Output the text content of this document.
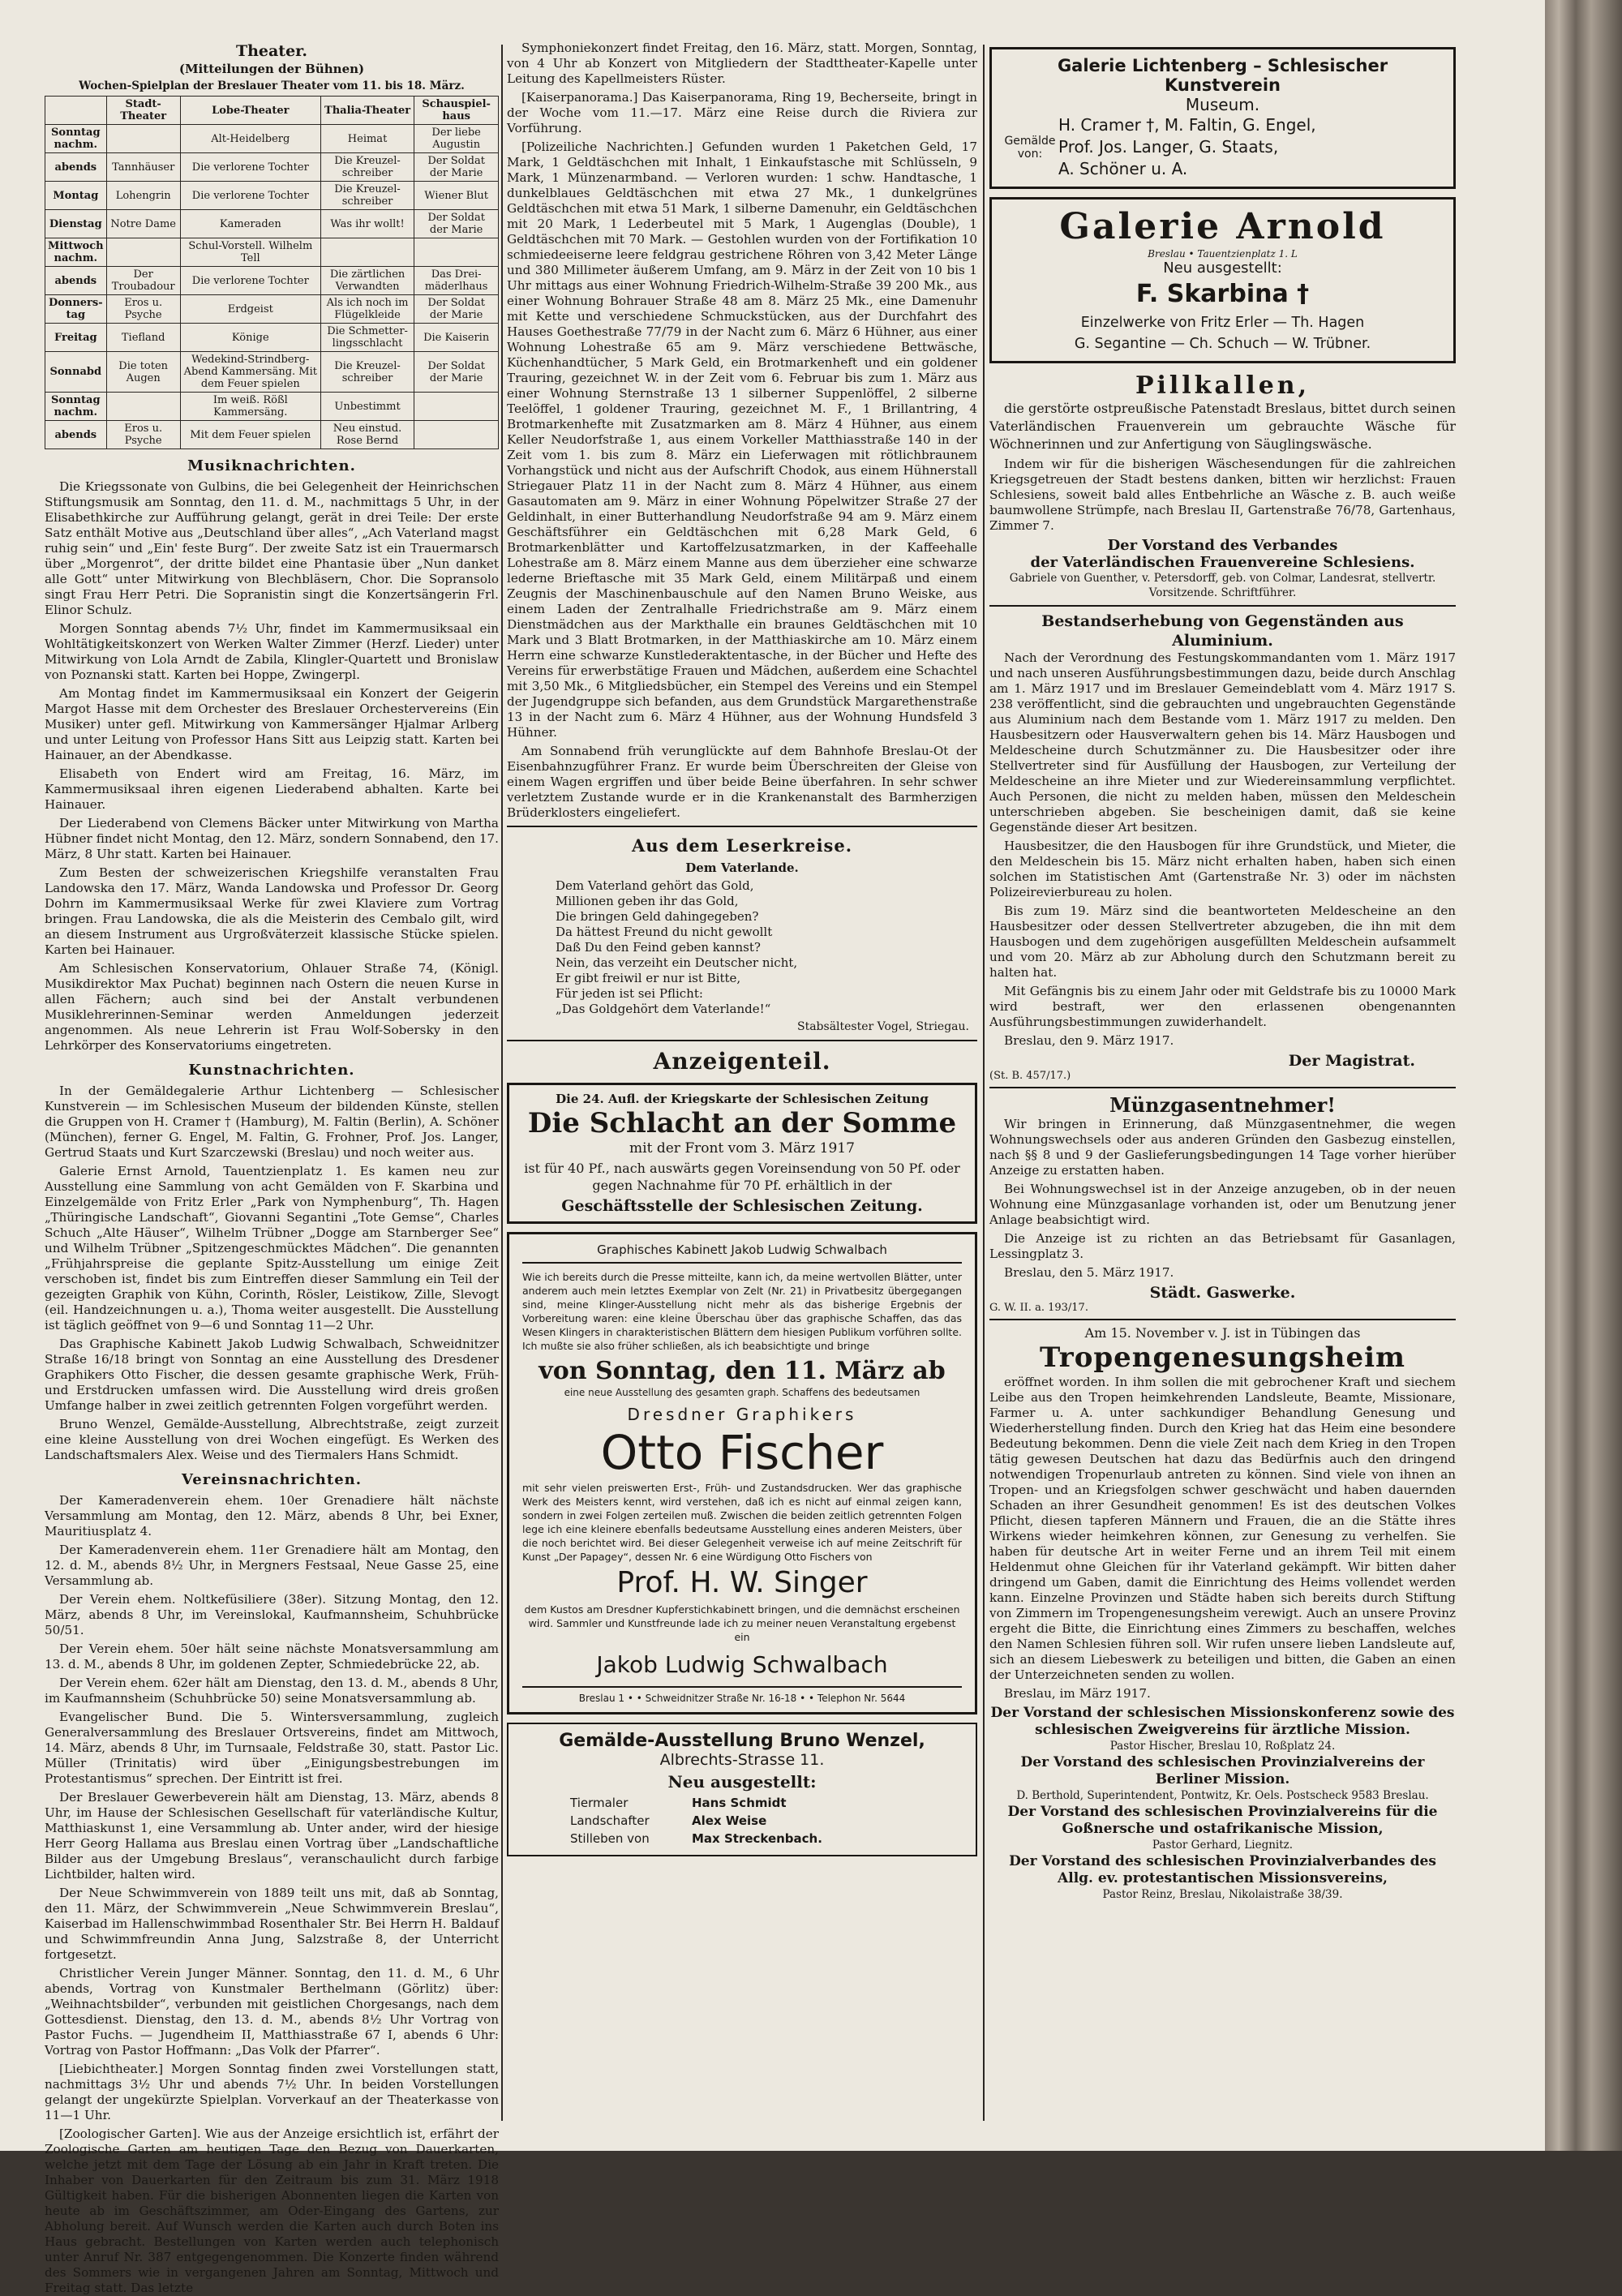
Theater.
(Mitteilungen der Bühnen)
Wochen-Spielplan der Breslauer Theater vom 11. bis 18. März.
	Stadt-Theater	Lobe-Theater	Thalia-Theater	Schauspiel-haus
Sonntag nachm.		Alt-Heidelberg	Heimat	Der liebe Augustin
abends	Tannhäuser	Die verlorene Tochter	Die Kreuzel-schreiber	Der Soldat der Marie
Montag	Lohengrin	Die verlorene Tochter	Die Kreuzel-schreiber	Wiener Blut
Dienstag	Notre Dame	Kameraden	Was ihr wollt!	Der Soldat der Marie
Mittwoch nachm.		Schul-Vorstell. Wilhelm Tell		
abends	Der Troubadour	Die verlorene Tochter	Die zärtlichen Verwandten	Das Drei-mäderlhaus
Donners-tag	Eros u. Psyche	Erdgeist	Als ich noch im Flügelkleide	Der Soldat der Marie
Freitag	Tiefland	Könige	Die Schmetter-lingsschlacht	Die Kaiserin
Sonnabd	Die toten Augen	Wedekind-Strindberg-Abend Kammersäng. Mit dem Feuer spielen	Die Kreuzel-schreiber	Der Soldat der Marie
Sonntag nachm.		Im weiß. Rößl Kammersäng.	Unbestimmt	
abends	Eros u. Psyche	Mit dem Feuer spielen	Neu einstud. Rose Bernd	
Musiknachrichten.

Die Kriegssonate von Gulbins, die bei Gelegenheit der Heinrichschen Stiftungsmusik am Sonntag, den 11. d. M., nachmittags 5 Uhr, in der Elisabethkirche zur Aufführung gelangt, gerät in drei Teile: Der erste Satz enthält Motive aus „Deutschland über alles“, „Ach Vaterland magst ruhig sein“ und „Ein' feste Burg“. Der zweite Satz ist ein Trauermarsch über „Morgenrot“, der dritte bildet eine Phantasie über „Nun danket alle Gott“ unter Mitwirkung von Blechbläsern, Chor. Die Sopransolo singt Frau Herr Petri. Die Sopranistin singt die Konzertsängerin Frl. Elinor Schulz.

Morgen Sonntag abends 7½ Uhr, findet im Kammermusiksaal ein Wohltätigkeitskonzert von Werken Walter Zimmer (Herzf. Lieder) unter Mitwirkung von Lola Arndt de Zabila, Klingler-Quartett und Bronislaw von Poznanski statt. Karten bei Hoppe, Zwingerpl.

Am Montag findet im Kammermusiksaal ein Konzert der Geigerin Margot Hasse mit dem Orchester des Breslauer Orchestervereins (Ein Musiker) unter gefl. Mitwirkung von Kammersänger Hjalmar Arlberg und unter Leitung von Professor Hans Sitt aus Leipzig statt. Karten bei Hainauer, an der Abendkasse.

Elisabeth von Endert wird am Freitag, 16. März, im Kammermusiksaal ihren eigenen Liederabend abhalten. Karte bei Hainauer.

Der Liederabend von Clemens Bäcker unter Mitwirkung von Martha Hübner findet nicht Montag, den 12. März, sondern Sonnabend, den 17. März, 8 Uhr statt. Karten bei Hainauer.

Zum Besten der schweizerischen Kriegshilfe veranstalten Frau Landowska den 17. März, Wanda Landowska und Professor Dr. Georg Dohrn im Kammermusiksaal Werke für zwei Klaviere zum Vortrag bringen. Frau Landowska, die als die Meisterin des Cembalo gilt, wird an diesem Instrument aus Urgroßväterzeit klassische Stücke spielen. Karten bei Hainauer.

Am Schlesischen Konservatorium, Ohlauer Straße 74, (Königl. Musikdirektor Max Puchat) beginnen nach Ostern die neuen Kurse in allen Fächern; auch sind bei der Anstalt verbundenen Musiklehrerinnen-Seminar werden Anmeldungen jederzeit angenommen. Als neue Lehrerin ist Frau Wolf-Sobersky in den Lehrkörper des Konservatoriums eingetreten.

Kunstnachrichten.

In der Gemäldegalerie Arthur Lichtenberg — Schlesischer Kunstverein — im Schlesischen Museum der bildenden Künste, stellen die Gruppen von H. Cramer † (Hamburg), M. Faltin (Berlin), A. Schöner (München), ferner G. Engel, M. Faltin, G. Frohner, Prof. Jos. Langer, Gertrud Staats und Kurt Szarczewski (Breslau) und noch weiter aus.

Galerie Ernst Arnold, Tauentzienplatz 1. Es kamen neu zur Ausstellung eine Sammlung von acht Gemälden von F. Skarbina und Einzelgemälde von Fritz Erler „Park von Nymphenburg“, Th. Hagen „Thüringische Landschaft“, Giovanni Segantini „Tote Gemse“, Charles Schuch „Alte Häuser“, Wilhelm Trübner „Dogge am Starnberger See“ und Wilhelm Trübner „Spitzengeschmücktes Mädchen“. Die genannten „Frühjahrspreise die geplante Spitz-Ausstellung um einige Zeit verschoben ist, findet bis zum Eintreffen dieser Sammlung ein Teil der gezeigten Graphik von Kühn, Corinth, Rösler, Leistikow, Zille, Slevogt (eil. Handzeichnungen u. a.), Thoma weiter ausgestellt. Die Ausstellung ist täglich geöffnet von 9—6 und Sonntag 11—2 Uhr.

Das Graphische Kabinett Jakob Ludwig Schwalbach, Schweidnitzer Straße 16/18 bringt von Sonntag an eine Ausstellung des Dresdener Graphikers Otto Fischer, die dessen gesamte graphische Werk, Früh- und Erstdrucken umfassen wird. Die Ausstellung wird dreis großen Umfange halber in zwei zeitlich getrennten Folgen vorgeführt werden.

Bruno Wenzel, Gemälde-Ausstellung, Albrechtstraße, zeigt zurzeit eine kleine Ausstellung von drei Wochen eingefügt. Es Werken des Landschaftsmalers Alex. Weise und des Tiermalers Hans Schmidt.

Vereinsnachrichten.

Der Kameradenverein ehem. 10er Grenadiere hält nächste Versammlung am Montag, den 12. März, abends 8 Uhr, bei Exner, Mauritiusplatz 4.

Der Kameradenverein ehem. 11er Grenadiere hält am Montag, den 12. d. M., abends 8½ Uhr, in Mergners Festsaal, Neue Gasse 25, eine Versammlung ab.

Der Verein ehem. Noltkefüsiliere (38er). Sitzung Montag, den 12. März, abends 8 Uhr, im Vereinslokal, Kaufmannsheim, Schuhbrücke 50/51.

Der Verein ehem. 50er hält seine nächste Monatsversammlung am 13. d. M., abends 8 Uhr, im goldenen Zepter, Schmiedebrücke 22, ab.

Der Verein ehem. 62er hält am Dienstag, den 13. d. M., abends 8 Uhr, im Kaufmannsheim (Schuhbrücke 50) seine Monatsversammlung ab.

Evangelischer Bund. Die 5. Wintersversammlung, zugleich Generalversammlung des Breslauer Ortsvereins, findet am Mittwoch, 14. März, abends 8 Uhr, im Turnsaale, Feldstraße 30, statt. Pastor Lic. Müller (Trinitatis) wird über „Einigungsbestrebungen im Protestantismus“ sprechen. Der Eintritt ist frei.

Der Breslauer Gewerbeverein hält am Dienstag, 13. März, abends 8 Uhr, im Hause der Schlesischen Gesellschaft für vaterländische Kultur, Matthiaskunst 1, eine Versammlung ab. Unter ander, wird der hiesige Herr Georg Hallama aus Breslau einen Vortrag über „Landschaftliche Bilder aus der Umgebung Breslaus“, veranschaulicht durch farbige Lichtbilder, halten wird.

Der Neue Schwimmverein von 1889 teilt uns mit, daß ab Sonntag, den 11. März, der Schwimmverein „Neue Schwimmverein Breslau“, Kaiserbad im Hallenschwimmbad Rosenthaler Str. Bei Herrn H. Baldauf und Schwimmfreundin Anna Jung, Salzstraße 8, der Unterricht fortgesetzt.

Christlicher Verein Junger Männer. Sonntag, den 11. d. M., 6 Uhr abends, Vortrag von Kunstmaler Berthelmann (Görlitz) über: „Weihnachtsbilder“, verbunden mit geistlichen Chorgesangs, nach dem Gottesdienst. Dienstag, den 13. d. M., abends 8½ Uhr Vortrag von Pastor Fuchs. — Jugendheim II, Matthiasstraße 67 I, abends 6 Uhr: Vortrag von Pastor Hoffmann: „Das Volk der Pfarrer“.

[Liebichtheater.] Morgen Sonntag finden zwei Vorstellungen statt, nachmittags 3½ Uhr und abends 7½ Uhr. In beiden Vorstellungen gelangt der ungekürzte Spielplan. Vorverkauf an der Theaterkasse von 11—1 Uhr.

[Zoologischer Garten]. Wie aus der Anzeige ersichtlich ist, erfährt der Zoologische Garten am heutigen Tage den Bezug von Dauerkarten, welche jetzt mit dem Tage der Lösung ab ein Jahr in Kraft treten. Die Inhaber von Dauerkarten für den Zeitraum bis zum 31. März 1918 Gültigkeit haben. Für die bisherigen Abonnenten liegen die Karten von heute ab im Geschäftszimmer, am Oder-Eingang des Gartens, zur Abholung bereit. Auf Wunsch werden die Karten auch durch Boten ins Haus gebracht. Bestellungen von Karten werden auch telephonisch unter Anruf Nr. 387 entgegengenommen. Die Konzerte finden während des Sommers wie in vergangenen Jahren am Sonntag, Mittwoch und Freitag statt. Das letzte

Symphoniekonzert findet Freitag, den 16. März, statt. Morgen, Sonntag, von 4 Uhr ab Konzert von Mitgliedern der Stadttheater-Kapelle unter Leitung des Kapellmeisters Rüster.

[Kaiserpanorama.] Das Kaiserpanorama, Ring 19, Becherseite, bringt in der Woche vom 11.—17. März eine Reise durch die Riviera zur Vorführung.

[Polizeiliche Nachrichten.] Gefunden wurden 1 Paketchen Geld, 17 Mark, 1 Geldtäschchen mit Inhalt, 1 Einkaufstasche mit Schlüsseln, 9 Mark, 1 Münzenarmband. — Verloren wurden: 1 schw. Handtasche, 1 dunkelblaues Geldtäschchen mit etwa 27 Mk., 1 dunkelgrünes Geldtäschchen mit etwa 51 Mark, 1 silberne Damenuhr, ein Geldtäschchen mit 20 Mark, 1 Lederbeutel mit 5 Mark, 1 Augenglas (Double), 1 Geldtäschchen mit 70 Mark. — Gestohlen wurden von der Fortifikation 10 schmiedeeiserne leere feldgrau gestrichene Röhren von 3,42 Meter Länge und 380 Millimeter äußerem Umfang, am 9. März in der Zeit von 10 bis 1 Uhr mittags aus einer Wohnung Friedrich-Wilhelm-Straße 39 200 Mk., aus einer Wohnung Bohrauer Straße 48 am 8. März 25 Mk., eine Damenuhr mit Kette und verschiedene Schmuckstücken, aus der Durchfahrt des Hauses Goethestraße 77/79 in der Nacht zum 6. März 6 Hühner, aus einer Wohnung Lohestraße 65 am 9. März verschiedene Bettwäsche, Küchenhandtücher, 5 Mark Geld, ein Brotmarkenheft und ein goldener Trauring, gezeichnet W. in der Zeit vom 6. Februar bis zum 1. März aus einer Wohnung Sternstraße 13 1 silberner Suppenlöffel, 2 silberne Teelöffel, 1 goldener Trauring, gezeichnet M. F., 1 Brillantring, 4 Brotmarkenhefte mit Zusatzmarken am 8. März 4 Hühner, aus einem Keller Neudorfstraße 1, aus einem Vorkeller Matthiasstraße 140 in der Zeit vom 1. bis zum 8. März ein Lieferwagen mit rötlichbraunem Vorhangstück und nicht aus der Aufschrift Chodok, aus einem Hühnerstall Striegauer Platz 11 in der Nacht zum 8. März 4 Hühner, aus einem Gasautomaten am 9. März in einer Wohnung Pöpelwitzer Straße 27 der Geldinhalt, in einer Butterhandlung Neudorfstraße 94 am 9. März einem Geschäftsführer ein Geldtäschchen mit 6,28 Mark Geld, 6 Brotmarkenblätter und Kartoffelzusatzmarken, in der Kaffeehalle Lohestraße am 8. März einem Manne aus dem überzieher eine schwarze lederne Brieftasche mit 35 Mark Geld, einem Militärpaß und einem Zeugnis der Maschinenbauschule auf den Namen Bruno Weiske, aus einem Laden der Zentralhalle Friedrichstraße am 9. März einem Dienstmädchen aus der Markthalle ein braunes Geldtäschchen mit 10 Mark und 3 Blatt Brotmarken, in der Matthiaskirche am 10. März einem Herrn eine schwarze Kunstlederaktentasche, in der Bücher und Hefte des Vereins für erwerbstätige Frauen und Mädchen, außerdem eine Schachtel mit 3,50 Mk., 6 Mitgliedsbücher, ein Stempel des Vereins und ein Stempel der Jugendgruppe sich befanden, aus dem Grundstück Margarethenstraße 13 in der Nacht zum 6. März 4 Hühner, aus der Wohnung Hundsfeld 3 Hühner.

Am Sonnabend früh verunglückte auf dem Bahnhofe Breslau-Ot der Eisenbahnzugführer Franz. Er wurde beim Überschreiten der Gleise von einem Wagen ergriffen und über beide Beine überfahren. In sehr schwer verletztem Zustande wurde er in die Krankenanstalt des Barmherzigen Brüderklosters eingeliefert.

Aus dem Leserkreise.
Dem Vaterlande.
Dem Vaterland gehört das Gold,
Millionen geben ihr das Gold,
Die bringen Geld dahingegeben?
Da hättest Freund du nicht gewollt
Daß Du den Feind geben kannst?
Nein, das verzeiht ein Deutscher nicht,
Er gibt freiwil er nur ist Bitte,
Für jeden ist sei Pflicht:
„Das Goldgehört dem Vaterlande!“
Stabsältester Vogel, Striegau.
Anzeigenteil.
Die 24. Aufl. der Kriegskarte der Schlesischen Zeitung
Die Schlacht an der Somme
mit der Front vom 3. März 1917
ist für 40 Pf., nach auswärts gegen Voreinsendung von 50 Pf. oder gegen Nachnahme für 70 Pf. erhältlich in der
Geschäftsstelle der Schlesischen Zeitung.
Graphisches Kabinett Jakob Ludwig Schwalbach
Wie ich bereits durch die Presse mitteilte, kann ich, da meine wertvollen Blätter, unter anderem auch mein letztes Exemplar von Zelt (Nr. 21) in Privatbesitz übergegangen sind, meine Klinger-Ausstellung nicht mehr als das bisherige Ergebnis der Vorbereitung waren: eine kleine Überschau über das graphische Schaffen, das das Wesen Klingers in charakteristischen Blättern dem hiesigen Publikum vorführen sollte. Ich mußte sie also früher schließen, als ich beabsichtigte und bringe
von Sonntag, den 11. März ab
eine neue Ausstellung des gesamten graph. Schaffens des bedeutsamen
Dresdner Graphikers
Otto Fischer
mit sehr vielen preiswerten Erst-, Früh- und Zustandsdrucken. Wer das graphische Werk des Meisters kennt, wird verstehen, daß ich es nicht auf einmal zeigen kann, sondern in zwei Folgen zerteilen muß. Zwischen die beiden zeitlich getrennten Folgen lege ich eine kleinere ebenfalls bedeutsame Ausstellung eines anderen Meisters, über die noch berichtet wird. Bei dieser Gelegenheit verweise ich auf meine Zeitschrift für Kunst „Der Papagey“, dessen Nr. 6 eine Würdigung Otto Fischers von
Prof. H. W. Singer
dem Kustos am Dresdner Kupferstichkabinett bringen, und die demnächst erscheinen wird. Sammler und Kunstfreunde lade ich zu meiner neuen Veranstaltung ergebenst ein
Jakob Ludwig Schwalbach
Breslau 1 • • Schweidnitzer Straße Nr. 16-18 • • Telephon Nr. 5644
Gemälde-Ausstellung Bruno Wenzel,
Albrechts-Strasse 11.
Neu ausgestellt:
Tiermaler	Hans Schmidt
Landschafter	Alex Weise
Stilleben von	Max Streckenbach.
Galerie Lichtenberg – Schlesischer Kunstverein
Museum.
Gemälde von:
H. Cramer †, M. Faltin, G. Engel,
Prof. Jos. Langer, G. Staats,
A. Schöner u. A.
Galerie Arnold
Breslau • Tauentzienplatz 1. L
Neu ausgestellt:
F. Skarbina †
Einzelwerke von Fritz Erler — Th. Hagen
G. Segantine — Ch. Schuch — W. Trübner.
Pillkallen,

die gerstörte ostpreußische Patenstadt Breslaus, bittet durch seinen Vaterländischen Frauenverein um gebrauchte Wäsche für Wöchnerinnen und zur Anfertigung von Säuglingswäsche.

Indem wir für die bisherigen Wäschesendungen für die zahlreichen Kriegsgetreuen der Stadt bestens danken, bitten wir herzlichst: Frauen Schlesiens, soweit bald alles Entbehrliche an Wäsche z. B. auch weiße baumwollene Strümpfe, nach Breslau II, Gartenstraße 76/78, Gartenhaus, Zimmer 7.

Der Vorstand des Verbandes
der Vaterländischen Frauenvereine Schlesiens.
Gabriele von Guenther, v. Petersdorff, geb. von Colmar, Landesrat, stellvertr. Vorsitzende. Schriftführer.
Bestandserhebung von Gegenständen aus Aluminium.

Nach der Verordnung des Festungskommandanten vom 1. März 1917 und nach unseren Ausführungsbestimmungen dazu, beide durch Anschlag am 1. März 1917 und im Breslauer Gemeindeblatt vom 4. März 1917 S. 238 veröffentlicht, sind die gebrauchten und ungebrauchten Gegenstände aus Aluminium nach dem Bestande vom 1. März 1917 zu melden. Den Hausbesitzern oder Hausverwaltern gehen bis 14. März Hausbogen und Meldescheine durch Schutzmänner zu. Die Hausbesitzer oder ihre Stellvertreter sind für Ausfüllung der Hausbogen, zur Verteilung der Meldescheine an ihre Mieter und zur Wiedereinsammlung verpflichtet. Auch Personen, die nicht zu melden haben, müssen den Meldeschein unterschrieben abgeben. Sie bescheinigen damit, daß sie keine Gegenstände dieser Art besitzen.

Hausbesitzer, die den Hausbogen für ihre Grundstück, und Mieter, die den Meldeschein bis 15. März nicht erhalten haben, haben sich einen solchen im Statistischen Amt (Gartenstraße Nr. 3) oder im nächsten Polizeirevierbureau zu holen.

Bis zum 19. März sind die beantworteten Meldescheine an den Hausbesitzer oder dessen Stellvertreter abzugeben, die ihn mit dem Hausbogen und dem zugehörigen ausgefüllten Meldeschein aufsammelt und vom 20. März ab zur Abholung durch den Schutzmann bereit zu halten hat.

Mit Gefängnis bis zu einem Jahr oder mit Geldstrafe bis zu 10000 Mark wird bestraft, wer den erlassenen obengenannten Ausführungsbestimmungen zuwiderhandelt.

Breslau, den 9. März 1917.

Der Magistrat.
(St. B. 457/17.)
Münzgasentnehmer!

Wir bringen in Erinnerung, daß Münzgasentnehmer, die wegen Wohnungswechsels oder aus anderen Gründen den Gasbezug einstellen, nach §§ 8 und 9 der Gaslieferungsbedingungen 14 Tage vorher hierüber Anzeige zu erstatten haben.

Bei Wohnungswechsel ist in der Anzeige anzugeben, ob in der neuen Wohnung eine Münzgasanlage vorhanden ist, oder um Benutzung jener Anlage beabsichtigt wird.

Die Anzeige ist zu richten an das Betriebsamt für Gasanlagen, Lessingplatz 3.

Breslau, den 5. März 1917.

Städt. Gaswerke.
G. W. II. a. 193/17.
Am 15. November v. J. ist in Tübingen das
Tropengenesungsheim

eröffnet worden. In ihm sollen die mit gebrochener Kraft und siechem Leibe aus den Tropen heimkehrenden Landsleute, Beamte, Missionare, Farmer u. A. unter sachkundiger Behandlung Genesung und Wiederherstellung finden. Durch den Krieg hat das Heim eine besondere Bedeutung bekommen. Denn die viele Zeit nach dem Krieg in den Tropen tätig gewesen Deutschen hat dazu das Bedürfnis auch den dringend notwendigen Tropenurlaub antreten zu können. Sind viele von ihnen an Tropen- und an Kriegsfolgen schwer geschwächt und haben dauernden Schaden an ihrer Gesundheit genommen! Es ist des deutschen Volkes Pflicht, diesen tapferen Männern und Frauen, die an die Stätte ihres Wirkens wieder heimkehren können, zur Genesung zu verhelfen. Sie haben für deutsche Art in weiter Ferne und an ihrem Teil mit einem Heldenmut ohne Gleichen für ihr Vaterland gekämpft. Wir bitten daher dringend um Gaben, damit die Einrichtung des Heims vollendet werden kann. Einzelne Provinzen und Städte haben sich bereits durch Stiftung von Zimmern im Tropengenesungsheim verewigt. Auch an unsere Provinz ergeht die Bitte, die Einrichtung eines Zimmers zu beschaffen, welches den Namen Schlesien führen soll. Wir rufen unsere lieben Landsleute auf, sich an diesem Liebeswerk zu beteiligen und bitten, die Gaben an einen der Unterzeichneten senden zu wollen.

Breslau, im März 1917.

Der Vorstand der schlesischen Missionskonferenz sowie des schlesischen Zweigvereins für ärztliche Mission.
Pastor Hischer, Breslau 10, Roßplatz 24.
Der Vorstand des schlesischen Provinzialvereins der Berliner Mission.
D. Berthold, Superintendent, Pontwitz, Kr. Oels. Postscheck 9583 Breslau.
Der Vorstand des schlesischen Provinzialvereins für die Goßnersche und ostafrikanische Mission,
Pastor Gerhard, Liegnitz.
Der Vorstand des schlesischen Provinzialverbandes des Allg. ev. protestantischen Missionsvereins,
Pastor Reinz, Breslau, Nikolaistraße 38/39.
